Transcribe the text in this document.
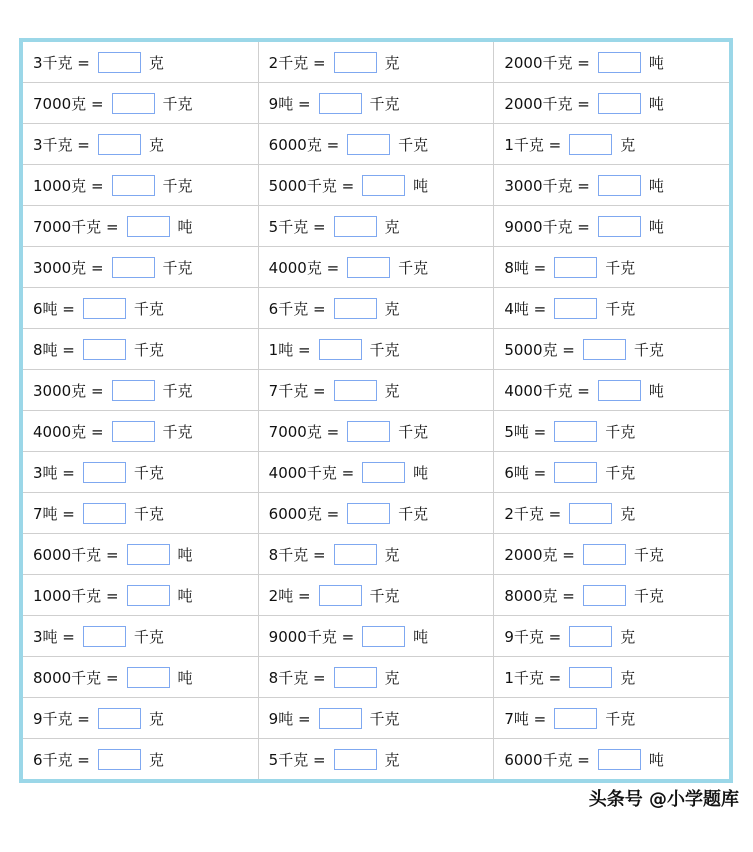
3千克 = 克	2千克 = 克	2000千克 = 吨
7000克 = 千克	9吨 = 千克	2000千克 = 吨
3千克 = 克	6000克 = 千克	1千克 = 克
1000克 = 千克	5000千克 = 吨	3000千克 = 吨
7000千克 = 吨	5千克 = 克	9000千克 = 吨
3000克 = 千克	4000克 = 千克	8吨 = 千克
6吨 = 千克	6千克 = 克	4吨 = 千克
8吨 = 千克	1吨 = 千克	5000克 = 千克
3000克 = 千克	7千克 = 克	4000千克 = 吨
4000克 = 千克	7000克 = 千克	5吨 = 千克
3吨 = 千克	4000千克 = 吨	6吨 = 千克
7吨 = 千克	6000克 = 千克	2千克 = 克
6000千克 = 吨	8千克 = 克	2000克 = 千克
1000千克 = 吨	2吨 = 千克	8000克 = 千克
3吨 = 千克	9000千克 = 吨	9千克 = 克
8000千克 = 吨	8千克 = 克	1千克 = 克
9千克 = 克	9吨 = 千克	7吨 = 千克
6千克 = 克	5千克 = 克	6000千克 = 吨
头条号 @小学题库
